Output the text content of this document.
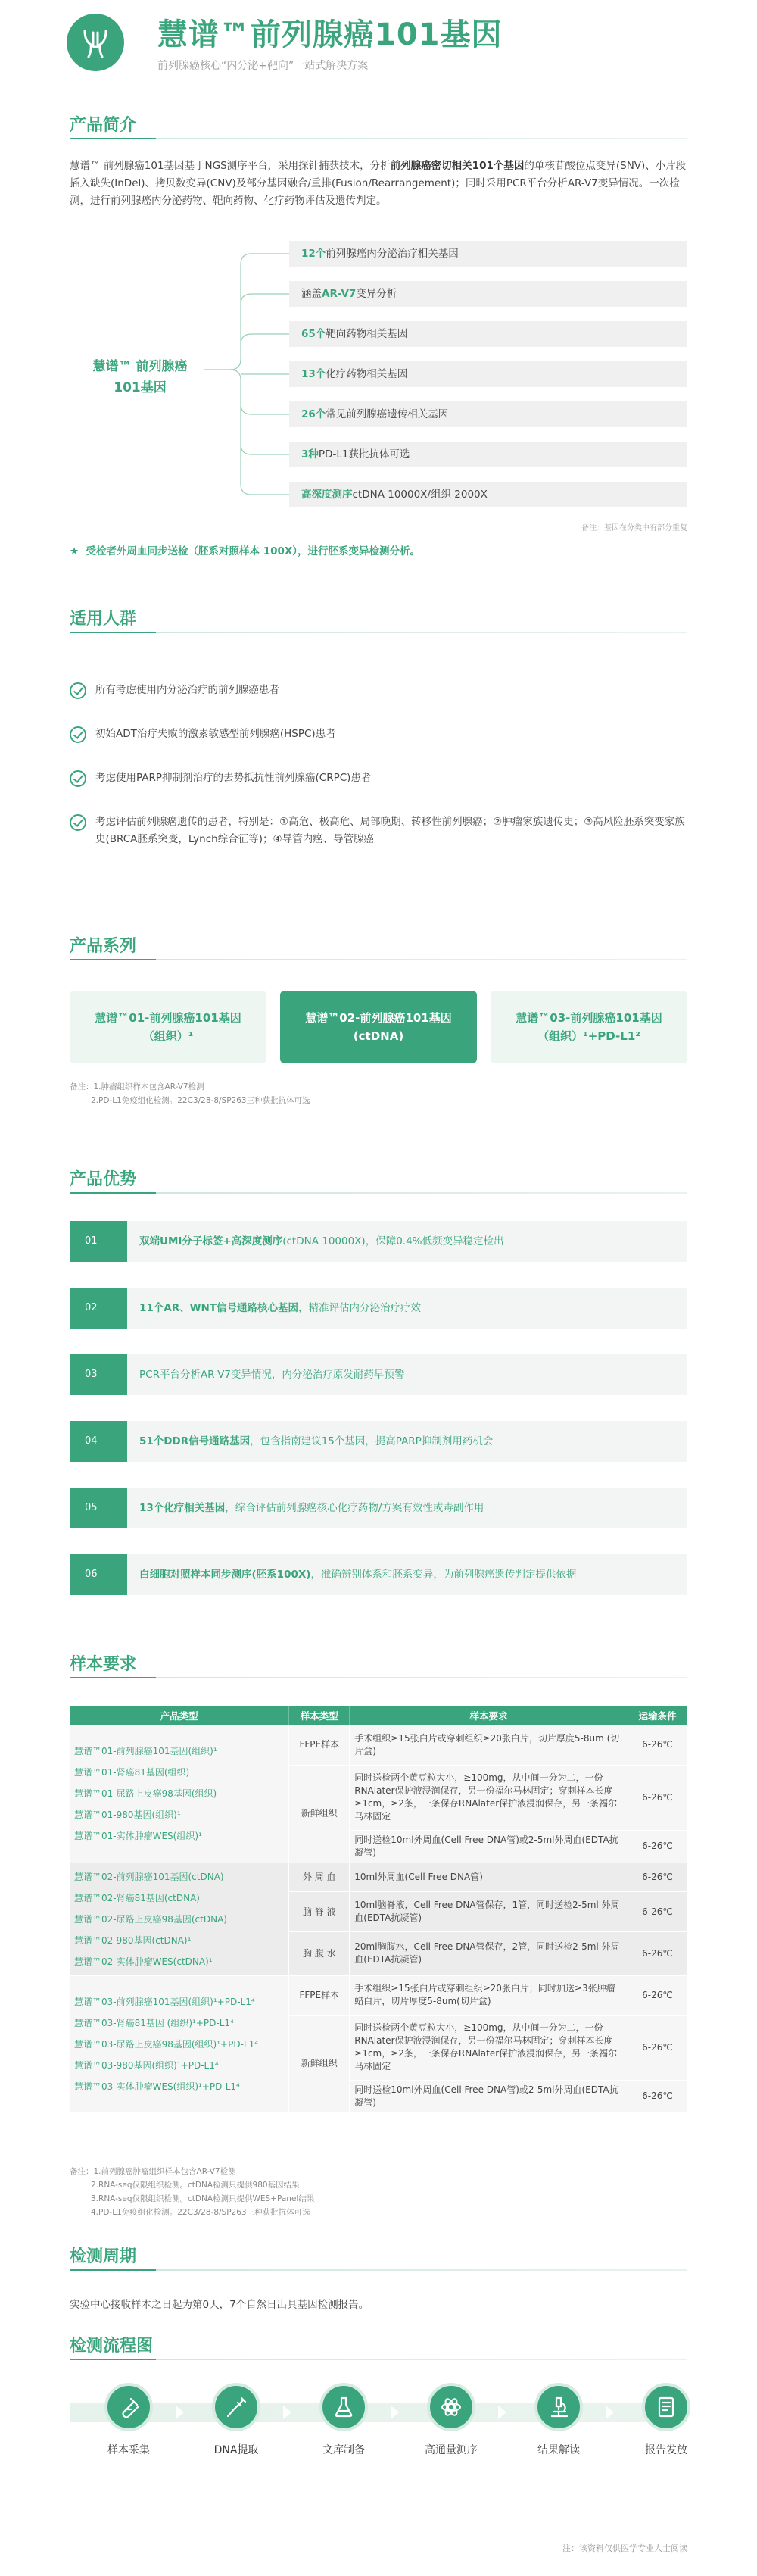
慧谱™前列腺癌101基因
前列腺癌核心“内分泌+靶向”一站式解决方案
产品简介
慧谱™ 前列腺癌101基因基于NGS测序平台，采用探针捕获技术，分析前列腺癌密切相关101个基因的单核苷酸位点变异(SNV)、小片段插入缺失(InDel)、拷贝数变异(CNV)及部分基因融合/重排(Fusion/Rearrangement)；同时采用PCR平台分析AR-V7变异情况。一次检测，进行前列腺癌内分泌药物、靶向药物、化疗药物评估及遗传判定。
慧谱™ 前列腺癌
101基因
12个前列腺癌内分泌治疗相关基因
涵盖AR-V7变异分析
65个靶向药物相关基因
13个化疗药物相关基因
26个常见前列腺癌遗传相关基因
3种PD-L1获批抗体可选
高深度测序ctDNA 10000X/组织 2000X
备注：基因在分类中有部分重复
★ 受检者外周血同步送检（胚系对照样本 100X），进行胚系变异检测分析。
适用人群
所有考虑使用内分泌治疗的前列腺癌患者
初始ADT治疗失败的激素敏感型前列腺癌(HSPC)患者
考虑使用PARP抑制剂治疗的去势抵抗性前列腺癌(CRPC)患者
考虑评估前列腺癌遗传的患者，特别是：①高危、极高危、局部晚期、转移性前列腺癌；②肿瘤家族遗传史；③高风险胚系突变家族史(BRCA胚系突变，Lynch综合征等)；④导管内癌、导管腺癌
产品系列
慧谱™01-前列腺癌101基因
（组织）¹
慧谱™02-前列腺癌101基因
(ctDNA)
慧谱™03-前列腺癌101基因
（组织）¹+PD-L1²
备注：1.肿瘤组织样本包含AR-V7检测
2.PD-L1免疫组化检测。22C3/28-8/SP263三种获批抗体可选
产品优势
01	双端UMI分子标签+高深度测序(ctDNA 10000X)，保障0.4%低频变异稳定检出
02	11个AR、WNT信号通路核心基因，精准评估内分泌治疗疗效
03	PCR平台分析AR-V7变异情况，内分泌治疗原发耐药早预警
04	51个DDR信号通路基因，包含指南建议15个基因，提高PARP抑制剂用药机会
05	13个化疗相关基因，综合评估前列腺癌核心化疗药物/方案有效性或毒副作用
06	白细胞对照样本同步测序(胚系100X)，准确辨别体系和胚系变异，为前列腺癌遗传判定提供依据
样本要求
产品类型	样本类型	样本要求	运输条件

慧谱™01-前列腺癌101基因(组织)¹
慧谱™01-肾癌81基因(组织)
慧谱™01-尿路上皮癌98基因(组织)
慧谱™01-980基因(组织)¹
慧谱™01-实体肿瘤WES(组织)¹	FFPE样本	手术组织≥15张白片或穿刺组织≥20张白片，切片厚度5-8um (切片盒)	6-26℃
	新鲜组织	同时送检两个黄豆粒大小，≥100mg，从中间一分为二，一份RNAlater保护液浸润保存，另一份福尔马林固定；穿刺样本长度≥1cm，≥2条，一条保存RNAlater保护液浸润保存，另一条福尔马林固定	6-26℃
		同时送检10ml外周血(Cell Free DNA管)或2-5ml外周血(EDTA抗凝管)	6-26℃

慧谱™02-前列腺癌101基因(ctDNA)
慧谱™02-肾癌81基因(ctDNA)
慧谱™02-尿路上皮癌98基因(ctDNA)
慧谱™02-980基因(ctDNA)¹
慧谱™02-实体肿瘤WES(ctDNA)¹	外 周 血	10ml外周血(Cell Free DNA管)	6-26℃
	脑 脊 液	10ml脑脊液，Cell Free DNA管保存，1管，同时送检2-5ml 外周血(EDTA抗凝管)	6-26℃
	胸 腹 水	20ml胸腹水，Cell Free DNA管保存，2管，同时送检2-5ml 外周血(EDTA抗凝管)	6-26℃

慧谱™03-前列腺癌101基因(组织)¹+PD-L1⁴
慧谱™03-肾癌81基因 (组织)¹+PD-L1⁴
慧谱™03-尿路上皮癌98基因(组织)¹+PD-L1⁴
慧谱™03-980基因(组织)¹+PD-L1⁴
慧谱™03-实体肿瘤WES(组织)¹+PD-L1⁴	FFPE样本	手术组织≥15张白片或穿刺组织≥20张白片；同时加送≥3张肿瘤蜡白片，切片厚度5-8um(切片盒)	6-26℃
	新鲜组织	同时送检两个黄豆粒大小，≥100mg，从中间一分为二，一份RNAlater保护液浸润保存，另一份福尔马林固定；穿刺样本长度≥1cm，≥2条，一条保存RNAlater保护液浸润保存，另一条福尔马林固定	6-26℃
		同时送检10ml外周血(Cell Free DNA管)或2-5ml外周血(EDTA抗凝管)	6-26℃
备注：1.前列腺癌肿瘤组织样本包含AR-V7检测
2.RNA-seq仅限组织检测。ctDNA检测只提供980基因结果
3.RNA-seq仅限组织检测。ctDNA检测只提供WES+Panel结果
4.PD-L1免疫组化检测。22C3/28-8/SP263三种获批抗体可选
检测周期
实验中心接收样本之日起为第0天，7个自然日出具基因检测报告。
检测流程图
样本采集	DNA提取	文库制备	高通量测序	结果解读	报告发放
注：该资料仅供医学专业人士阅读
